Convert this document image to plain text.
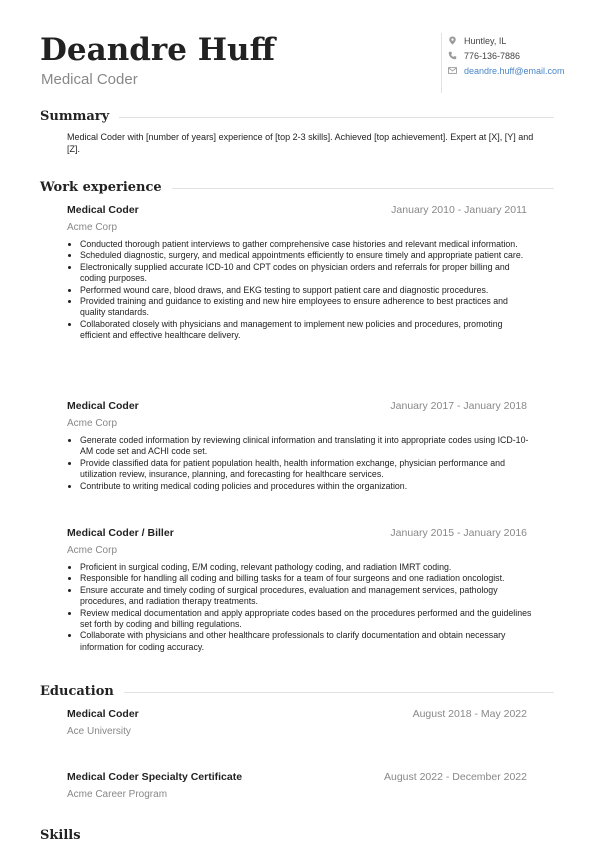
Deandre Huff
Medical Coder
Huntley, IL
776-136-7886
deandre.huff@email.com
Summary
Medical Coder with [number of years] experience of [top 2-3 skills]. Achieved [top achievement]. Expert at [X], [Y] and [Z].
Work experience
Medical Coder	January 2010 - January 2011
Acme Corp
• Conducted thorough patient interviews to gather comprehensive case histories and relevant medical information.
• Scheduled diagnostic, surgery, and medical appointments efficiently to ensure timely and appropriate patient care.
• Electronically supplied accurate ICD-10 and CPT codes on physician orders and referrals for proper billing and coding purposes.
• Performed wound care, blood draws, and EKG testing to support patient care and diagnostic procedures.
• Provided training and guidance to existing and new hire employees to ensure adherence to best practices and quality standards.
• Collaborated closely with physicians and management to implement new policies and procedures, promoting efficient and effective healthcare delivery.
Medical Coder	January 2017 - January 2018
Acme Corp
• Generate coded information by reviewing clinical information and translating it into appropriate codes using ICD-10-AM code set and ACHI code set.
• Provide classified data for patient population health, health information exchange, physician performance and utilization review, insurance, planning, and forecasting for healthcare services.
• Contribute to writing medical coding policies and procedures within the organization.
Medical Coder / Biller	January 2015 - January 2016
Acme Corp
• Proficient in surgical coding, E/M coding, relevant pathology coding, and radiation IMRT coding.
• Responsible for handling all coding and billing tasks for a team of four surgeons and one radiation oncologist.
• Ensure accurate and timely coding of surgical procedures, evaluation and management services, pathology procedures, and radiation therapy treatments.
• Review medical documentation and apply appropriate codes based on the procedures performed and the guidelines set forth by coding and billing regulations.
• Collaborate with physicians and other healthcare professionals to clarify documentation and obtain necessary information for coding accuracy.
Education
Medical Coder	August 2018 - May 2022
Ace University
Medical Coder Specialty Certificate	August 2022 - December 2022
Acme Career Program
Skills
